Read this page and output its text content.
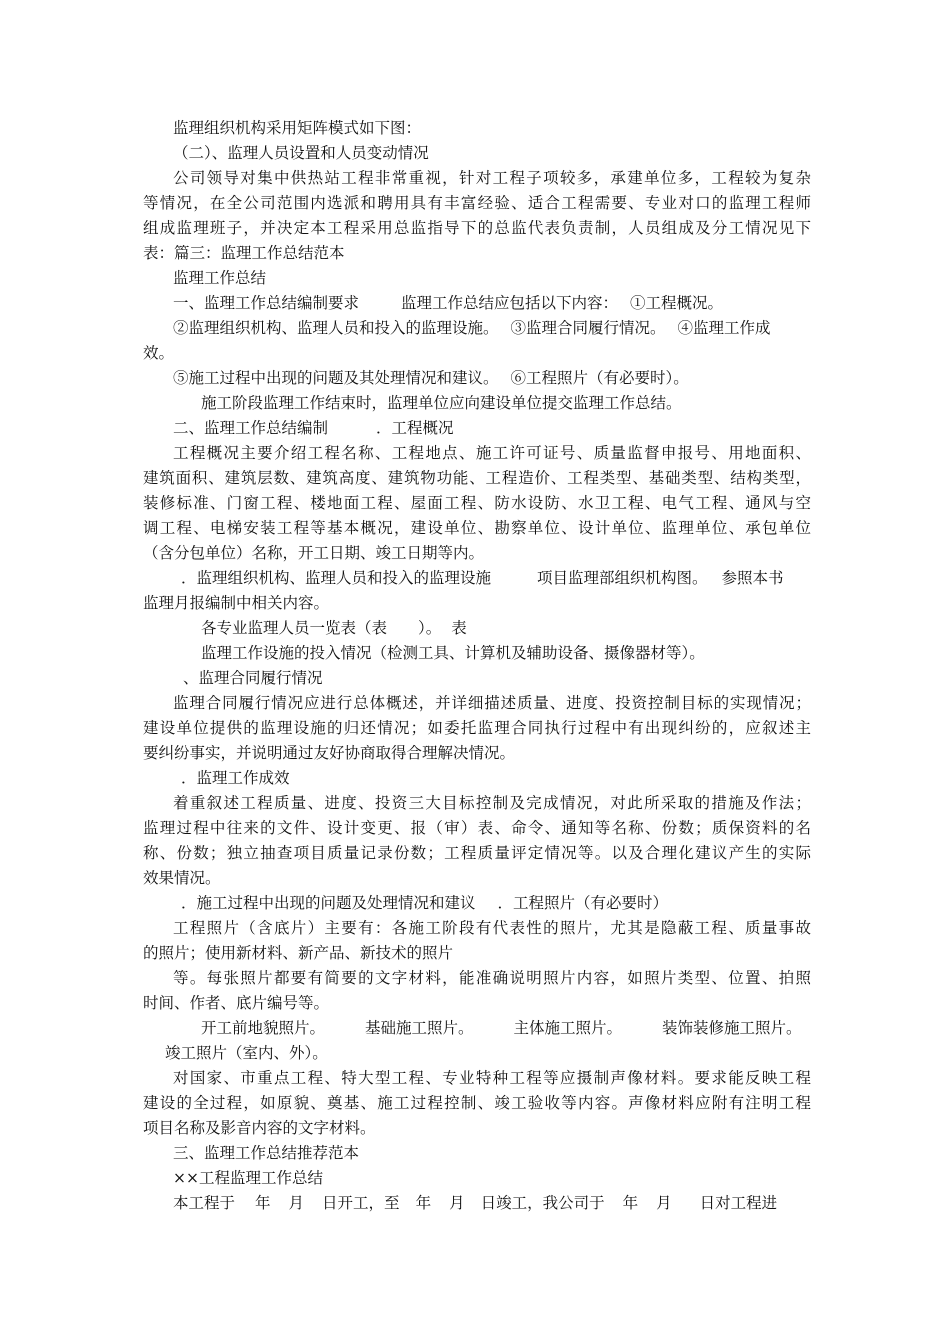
监理组织机构采用矩阵模式如下图：
（二）、监理人员设置和人员变动情况
公司领导对集中供热站工程非常重视，针对工程子项较多，承建单位多，工程较为复杂
等情况，在全公司范围内选派和聘用具有丰富经验、适合工程需要、专业对口的监理工程师
组成监理班子，并决定本工程采用总监指导下的总监代表负责制，人员组成及分工情况见下
表：篇三：监理工作总结范本
监理工作总结
一、监理工作总结编制要求	监理工作总结应包括以下内容： ①工程概况。
②监理组织机构、监理人员和投入的监理设施。 ③监理合同履行情况。 ④监理工作成
效。
⑤施工过程中出现的问题及其处理情况和建议。 ⑥工程照片（有必要时）。
施工阶段监理工作结束时，监理单位应向建设单位提交监理工作总结。
二、监理工作总结编制	．工程概况
工程概况主要介绍工程名称、工程地点、施工许可证号、质量监督申报号、用地面积、
建筑面积、建筑层数、建筑高度、建筑物功能、工程造价、工程类型、基础类型、结构类型，
装修标准、门窗工程、楼地面工程、屋面工程、防水设防、水卫工程、电气工程、通风与空
调工程、电梯安装工程等基本概况，建设单位、勘察单位、设计单位、监理单位、承包单位
（含分包单位）名称，开工日期、竣工日期等内。
．监理组织机构、监理人员和投入的监理设施	项目监理部组织机构图。 参照本书
监理月报编制中相关内容。
各专业监理人员一览表（表　　）。 表
监理工作设施的投入情况（检测工具、计算机及辅助设备、摄像器材等）。
、监理合同履行情况
监理合同履行情况应进行总体概述，并详细描述质量、进度、投资控制目标的实现情况；
建设单位提供的监理设施的归还情况；如委托监理合同执行过程中有出现纠纷的，应叙述主
要纠纷事实，并说明通过友好协商取得合理解决情况。
．监理工作成效
着重叙述工程质量、进度、投资三大目标控制及完成情况，对此所采取的措施及作法；
监理过程中往来的文件、设计变更、报（审）表、命令、通知等名称、份数；质保资料的名
称、份数；独立抽查项目质量记录份数；工程质量评定情况等。以及合理化建议产生的实际
效果情况。
．施工过程中出现的问题及处理情况和建议 ．工程照片（有必要时）
工程照片（含底片）主要有：各施工阶段有代表性的照片，尤其是隐蔽工程、质量事故
的照片；使用新材料、新产品、新技术的照片
等。每张照片都要有简要的文字材料，能准确说明照片内容，如照片类型、位置、拍照
时间、作者、底片编号等。
开工前地貌照片。	基础施工照片。	主体施工照片。	装饰装修施工照片。
竣工照片（室内、外）。
对国家、市重点工程、特大型工程、专业特种工程等应摄制声像材料。要求能反映工程
建设的全过程，如原貌、奠基、施工过程控制、竣工验收等内容。声像材料应附有注明工程
项目名称及影音内容的文字材料。
三、监理工作总结推荐范本
××工程监理工作总结
本工程于 年 月 日开工，至 年 月 日竣工，我公司于 年 月 日对工程进
